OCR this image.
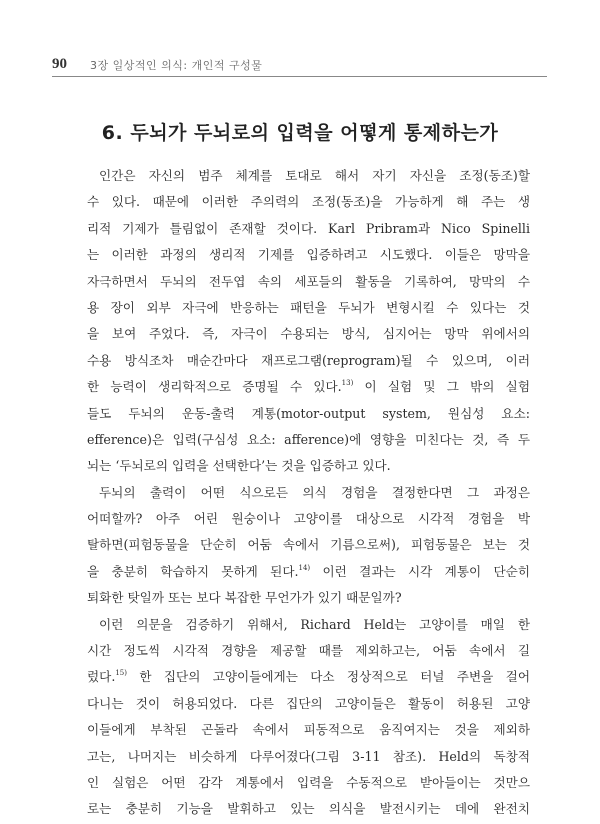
90 3장 일상적인 의식: 개인적 구성물
6. 두뇌가 두뇌로의 입력을 어떻게 통제하는가
인간은 자신의 범주 체계를 토대로 해서 자기 자신을 조정(동조)할
수 있다. 때문에 이러한 주의력의 조정(동조)을 가능하게 해 주는 생
리적 기제가 틀림없이 존재할 것이다. Karl Pribram과 Nico Spinelli
는 이러한 과정의 생리적 기제를 입증하려고 시도했다. 이들은 망막을
자극하면서 두뇌의 전두엽 속의 세포들의 활동을 기록하여, 망막의 수
용 장이 외부 자극에 반응하는 패턴을 두뇌가 변형시킬 수 있다는 것
을 보여 주었다. 즉, 자극이 수용되는 방식, 심지어는 망막 위에서의
수용 방식조차 매순간마다 재프로그램(reprogram)될 수 있으며, 이러
한 능력이 생리학적으로 증명될 수 있다.$^{13)}$ 이 실험 및 그 밖의 실험
들도 두뇌의 운동-출력 계통(motor-output system, 원심성 요소:
efference)은 입력(구심성 요소: afference)에 영향을 미친다는 것, 즉 두
뇌는 ‘두뇌로의 입력을 선택한다’는 것을 입증하고 있다.
두뇌의 출력이 어떤 식으로든 의식 경험을 결정한다면 그 과정은
어떠할까? 아주 어린 원숭이나 고양이를 대상으로 시각적 경험을 박
탈하면(피험동물을 단순히 어둠 속에서 기름으로써), 피험동물은 보는 것
을 충분히 학습하지 못하게 된다.$^{14)}$ 이런 결과는 시각 계통이 단순히
퇴화한 탓일까 또는 보다 복잡한 무언가가 있기 때문일까?
이런 의문을 검증하기 위해서, Richard Held는 고양이를 매일 한
시간 정도씩 시각적 경향을 제공할 때를 제외하고는, 어둠 속에서 길
렀다.$^{15)}$ 한 집단의 고양이들에게는 다소 정상적으로 터널 주변을 걸어
다니는 것이 허용되었다. 다른 집단의 고양이들은 활동이 허용된 고양
이들에게 부착된 곤돌라 속에서 피동적으로 움직여지는 것을 제외하
고는, 나머지는 비슷하게 다루어졌다(그림 3-11 참조). Held의 독창적
인 실험은 어떤 감각 계통에서 입력을 수동적으로 받아들이는 것만으
로는 충분히 기능을 발휘하고 있는 의식을 발전시키는 데에 완전치
